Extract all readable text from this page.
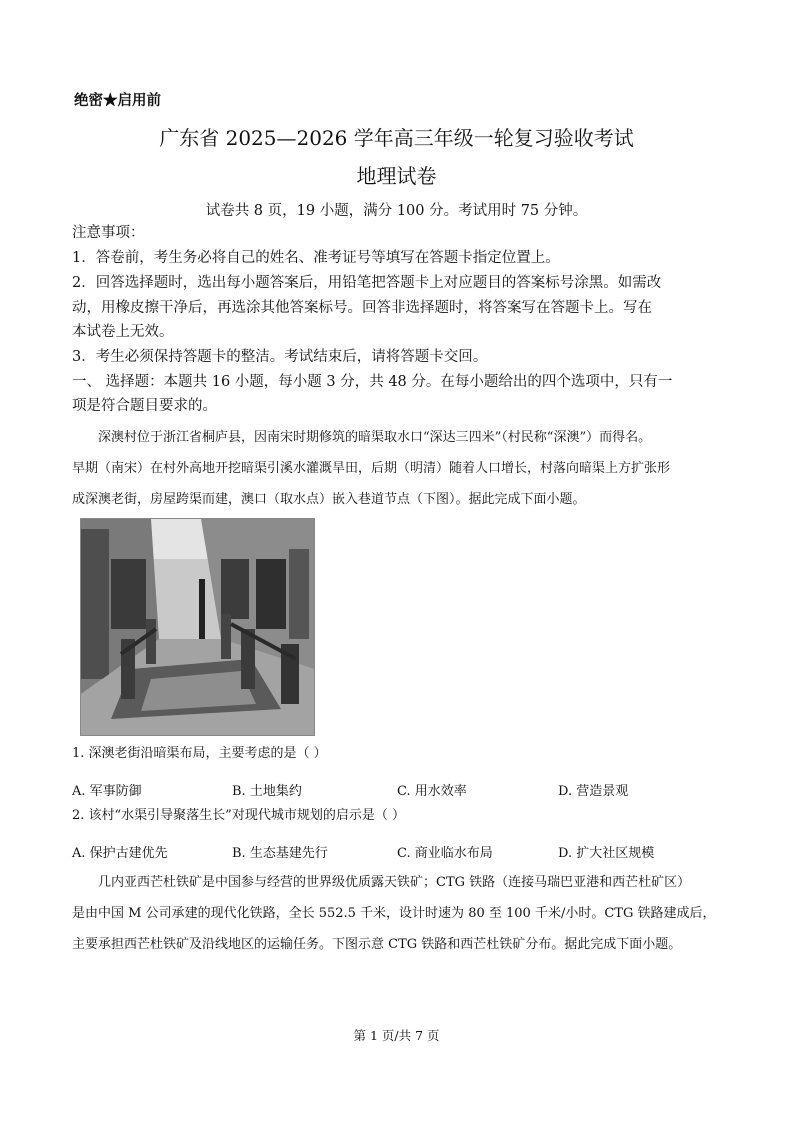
绝密★启用前
广东省 2025—2026 学年高三年级一轮复习验收考试
地理试卷
试卷共 8 页，19 小题，满分 100 分。考试用时 75 分钟。
注意事项：
1．答卷前，考生务必将自己的姓名、准考证号等填写在答题卡指定位置上。
2．回答选择题时，选出每小题答案后，用铅笔把答题卡上对应题目的答案标号涂黑。如需改
动，用橡皮擦干净后，再选涂其他答案标号。回答非选择题时，将答案写在答题卡上。写在
本试卷上无效。
3．考生必须保持答题卡的整洁。考试结束后，请将答题卡交回。
一、 选择题：本题共 16 小题，每小题 3 分，共 48 分。在每小题给出的四个选项中，只有一
项是符合题目要求的。
深澳村位于浙江省桐庐县，因南宋时期修筑的暗渠取水口“深达三四米”（村民称“深澳”）而得名。
早期（南宋）在村外高地开挖暗渠引溪水灌溉旱田，后期（明清）随着人口增长，村落向暗渠上方扩张形
成深澳老街，房屋跨渠而建，澳口（取水点）嵌入巷道节点（下图）。据此完成下面小题。
1. 深澳老街沿暗渠布局，主要考虑的是（ ）
A. 军事防御	B. 土地集约	C. 用水效率	D. 营造景观
2. 该村“水渠引导聚落生长”对现代城市规划的启示是（ ）
A. 保护古建优先	B. 生态基建先行	C. 商业临水布局	D. 扩大社区规模
几内亚西芒杜铁矿是中国参与经营的世界级优质露天铁矿；CTG 铁路（连接马瑞巴亚港和西芒杜矿区）
是由中国 M 公司承建的现代化铁路，全长 552.5 千米，设计时速为 80 至 100 千米/小时。CTG 铁路建成后，
主要承担西芒杜铁矿及沿线地区的运输任务。下图示意 CTG 铁路和西芒杜铁矿分布。据此完成下面小题。
第 1 页/共 7 页
